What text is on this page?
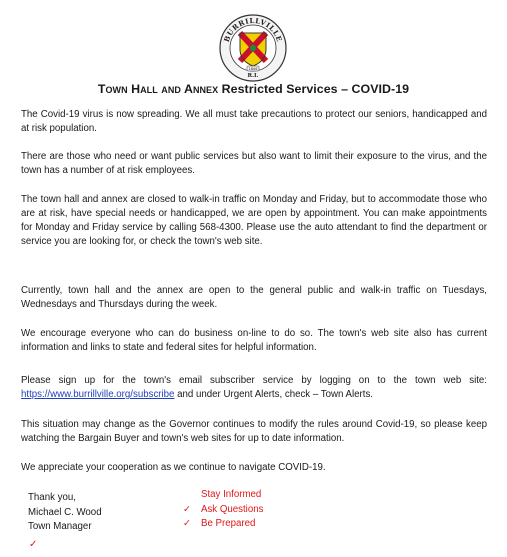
BURRILLVILLE
R.I.
1806
Town Hall and Annex Restricted Services – COVID-19

The Covid-19 virus is now spreading. We all must take precautions to protect our seniors, handicapped and at risk population.

There are those who need or want public services but also want to limit their exposure to the virus, and the town has a number of at risk employees.

The town hall and annex are closed to walk-in traffic on Monday and Friday, but to accommodate those who are at risk, have special needs or handicapped, we are open by appointment. You can make appointments for Monday and Friday service by calling 568-4300. Please use the auto attendant to find the department or service you are looking for, or check the town's web site.

Currently, town hall and the annex are open to the general public and walk-in traffic on Tuesdays, Wednesdays and Thursdays during the week.

We encourage everyone who can do business on-line to do so. The town's web site also has current information and links to state and federal sites for helpful information.

Please sign up for the town's email subscriber service by logging on to the town web site: https://www.burrillville.org/subscribe and under Urgent Alerts, check – Town Alerts.

This situation may change as the Governor continues to modify the rules around Covid-19, so please keep watching the Bargain Buyer and town's web sites for up to date information.

We appreciate your cooperation as we continue to navigate COVID-19.

Thank you,
Michael C. Wood
Town Manager
Stay Informed
✓ Ask Questions
✓ Be Prepared
✓
